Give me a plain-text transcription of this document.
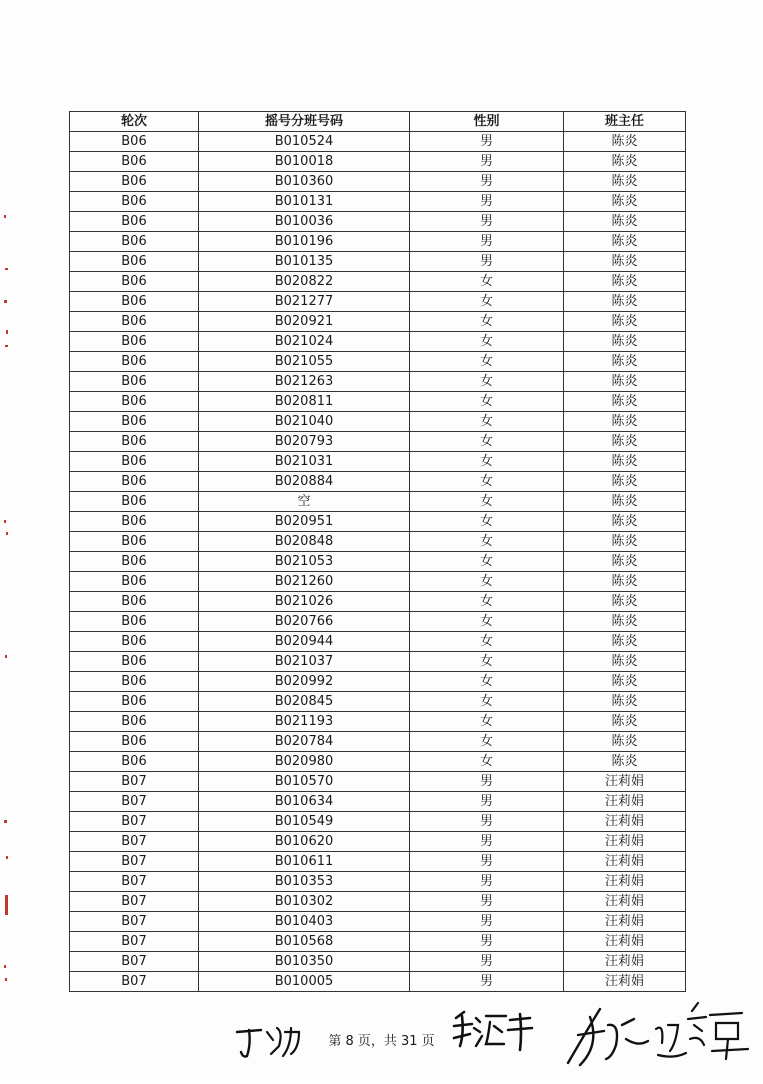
轮次	摇号分班号码	性别	班主任
B06	B010524	男	陈炎
B06	B010018	男	陈炎
B06	B010360	男	陈炎
B06	B010131	男	陈炎
B06	B010036	男	陈炎
B06	B010196	男	陈炎
B06	B010135	男	陈炎
B06	B020822	女	陈炎
B06	B021277	女	陈炎
B06	B020921	女	陈炎
B06	B021024	女	陈炎
B06	B021055	女	陈炎
B06	B021263	女	陈炎
B06	B020811	女	陈炎
B06	B021040	女	陈炎
B06	B020793	女	陈炎
B06	B021031	女	陈炎
B06	B020884	女	陈炎
B06	空	女	陈炎
B06	B020951	女	陈炎
B06	B020848	女	陈炎
B06	B021053	女	陈炎
B06	B021260	女	陈炎
B06	B021026	女	陈炎
B06	B020766	女	陈炎
B06	B020944	女	陈炎
B06	B021037	女	陈炎
B06	B020992	女	陈炎
B06	B020845	女	陈炎
B06	B021193	女	陈炎
B06	B020784	女	陈炎
B06	B020980	女	陈炎
B07	B010570	男	汪莉娟
B07	B010634	男	汪莉娟
B07	B010549	男	汪莉娟
B07	B010620	男	汪莉娟
B07	B010611	男	汪莉娟
B07	B010353	男	汪莉娟
B07	B010302	男	汪莉娟
B07	B010403	男	汪莉娟
B07	B010568	男	汪莉娟
B07	B010350	男	汪莉娟
B07	B010005	男	汪莉娟
第 8 页，共 31 页
